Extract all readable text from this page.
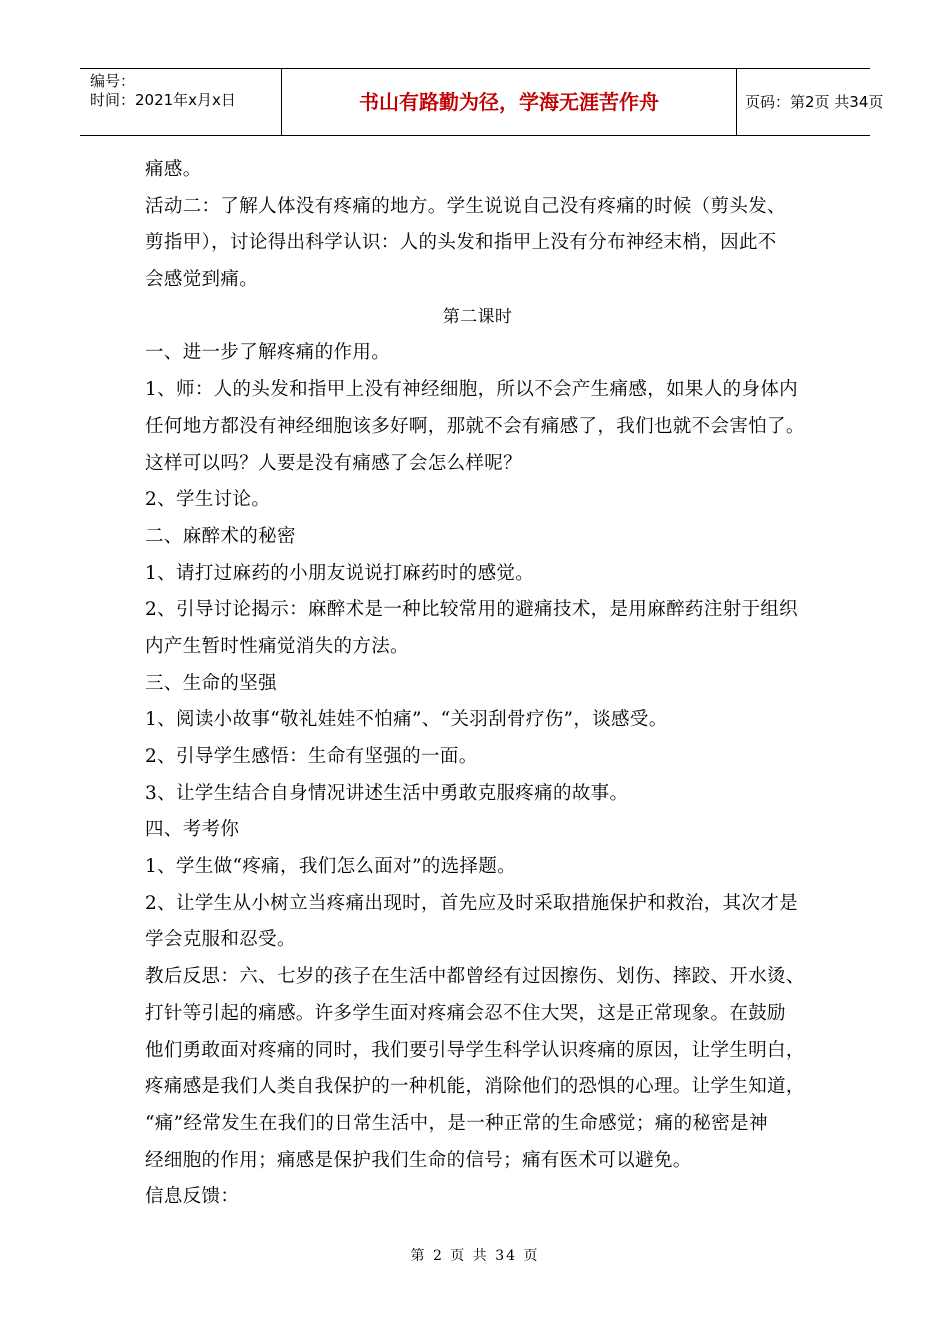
编号：
时间：2021年x月x日	书山有路勤为径，学海无涯苦作舟	页码：第2页 共34页
痛感。
活动二：了解人体没有疼痛的地方。学生说说自己没有疼痛的时候（剪头发、
剪指甲），讨论得出科学认识：人的头发和指甲上没有分布神经末梢，因此不
会感觉到痛。
第二课时
一、进一步了解疼痛的作用。
1、师：人的头发和指甲上没有神经细胞，所以不会产生痛感，如果人的身体内
任何地方都没有神经细胞该多好啊，那就不会有痛感了，我们也就不会害怕了。
这样可以吗？人要是没有痛感了会怎么样呢？
2、学生讨论。
二、麻醉术的秘密
1、请打过麻药的小朋友说说打麻药时的感觉。
2、引导讨论揭示：麻醉术是一种比较常用的避痛技术，是用麻醉药注射于组织
内产生暂时性痛觉消失的方法。
三、生命的坚强
1、阅读小故事“敬礼娃娃不怕痛”、“关羽刮骨疗伤”，谈感受。
2、引导学生感悟：生命有坚强的一面。
3、让学生结合自身情况讲述生活中勇敢克服疼痛的故事。
四、考考你
1、学生做“疼痛，我们怎么面对”的选择题。
2、让学生从小树立当疼痛出现时，首先应及时采取措施保护和救治，其次才是
学会克服和忍受。
教后反思：六、七岁的孩子在生活中都曾经有过因擦伤、划伤、摔跤、开水烫、
打针等引起的痛感。许多学生面对疼痛会忍不住大哭，这是正常现象。在鼓励
他们勇敢面对疼痛的同时，我们要引导学生科学认识疼痛的原因，让学生明白，
疼痛感是我们人类自我保护的一种机能，消除他们的恐惧的心理。让学生知道，
“痛”经常发生在我们的日常生活中，是一种正常的生命感觉；痛的秘密是神
经细胞的作用；痛感是保护我们生命的信号；痛有医术可以避免。
信息反馈：
第 2 页 共 34 页
